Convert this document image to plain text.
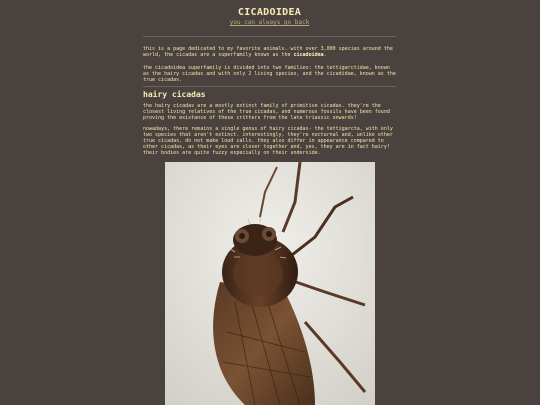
CICADOIDEA
you can always go back
this is a page dedicated to my favorite animals. with over 3,000 species around the world, the cicadas are a superfamily known as the cicadoidea.
the cicadoidea superfamily is divided into two families: the tettigarctidae, known as the hairy cicadas and with only 2 living species, and the cicadidae, known as the true cicadas.
hairy cicadas
the hairy cicadas are a mostly extinct family of primitive cicadas. they're the closest living relatives of the true cicadas, and numerous fossils have been found proving the existance of these critters from the late triassic onwards!
nowadays, there remains a single genus of hairy cicadas- the tettigarcta, with only two species that aren't extinct. interestingly, they're nocturnal and, unlike other true cicadas, do not make loud calls. they also differ in appearance compared to other cicadas, as their eyes are closer together and, yes, they are in fact hairy! their bodies are quite fuzzy especially on their underside.
